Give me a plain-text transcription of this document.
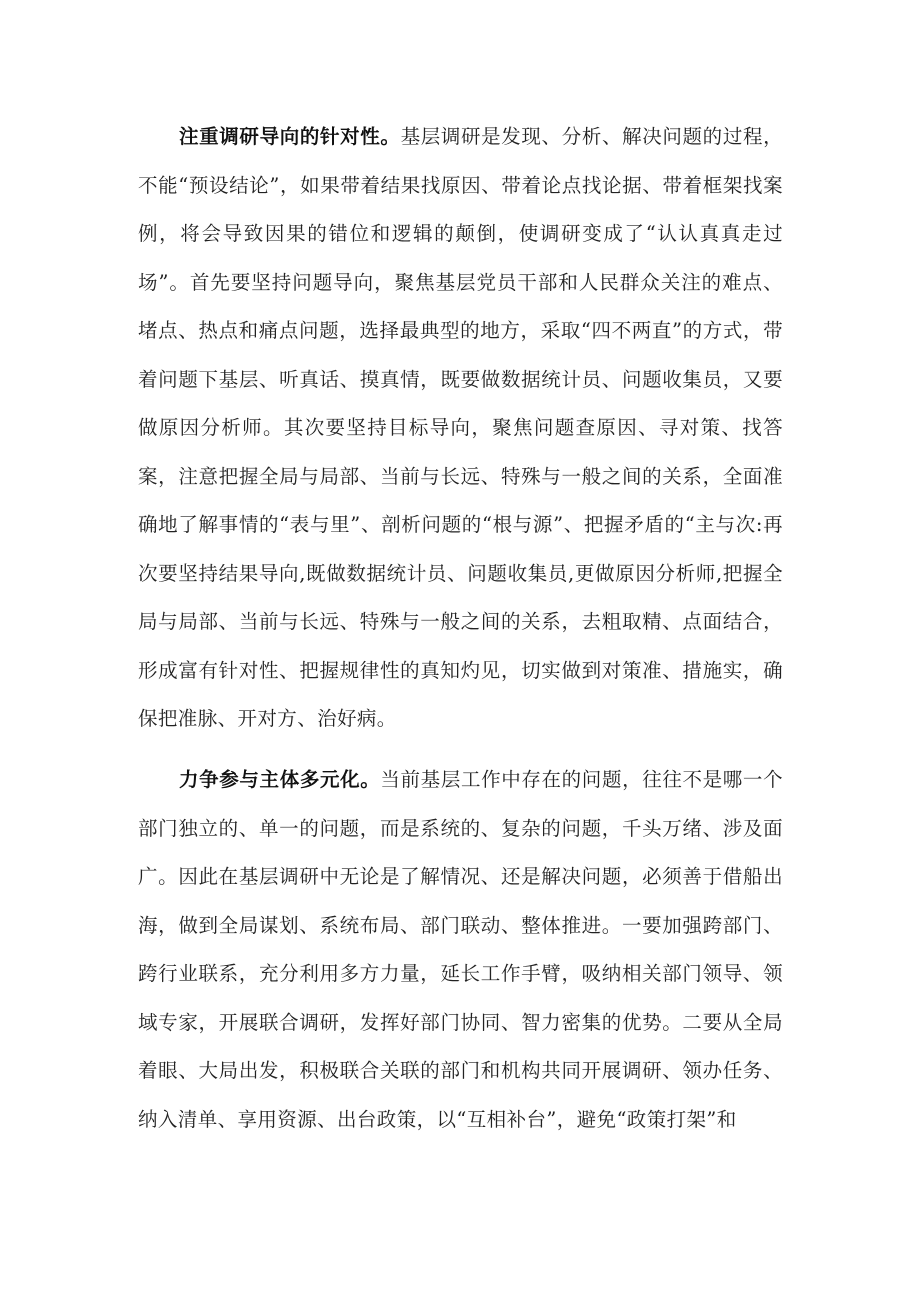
注重调研导向的针对性。基层调研是发现、分析、解决问题的过程，不能“预设结论”，如果带着结果找原因、带着论点找论据、带着框架找案例，将会导致因果的错位和逻辑的颠倒，使调研变成了“认认真真走过场”。首先要坚持问题导向，聚焦基层党员干部和人民群众关注的难点、堵点、热点和痛点问题，选择最典型的地方，采取“四不两直”的方式，带着问题下基层、听真话、摸真情，既要做数据统计员、问题收集员，又要做原因分析师。其次要坚持目标导向，聚焦问题查原因、寻对策、找答案，注意把握全局与局部、当前与长远、特殊与一般之间的关系，全面准确地了解事情的“表与里”、剖析问题的“根与源”、把握矛盾的“主与次:再次要坚持结果导向,既做数据统计员、问题收集员,更做原因分析师,把握全局与局部、当前与长远、特殊与一般之间的关系，去粗取精、点面结合，形成富有针对性、把握规律性的真知灼见，切实做到对策准、措施实，确保把准脉、开对方、治好病。

力争参与主体多元化。当前基层工作中存在的问题，往往不是哪一个部门独立的、单一的问题，而是系统的、复杂的问题，千头万绪、涉及面广。因此在基层调研中无论是了解情况、还是解决问题，必须善于借船出海，做到全局谋划、系统布局、部门联动、整体推进。一要加强跨部门、跨行业联系，充分利用多方力量，延长工作手臂，吸纳相关部门领导、领域专家，开展联合调研，发挥好部门协同、智力密集的优势。二要从全局着眼、大局出发，积极联合关联的部门和机构共同开展调研、领办任务、纳入清单、享用资源、出台政策，以“互相补台”，避免“政策打架”和
